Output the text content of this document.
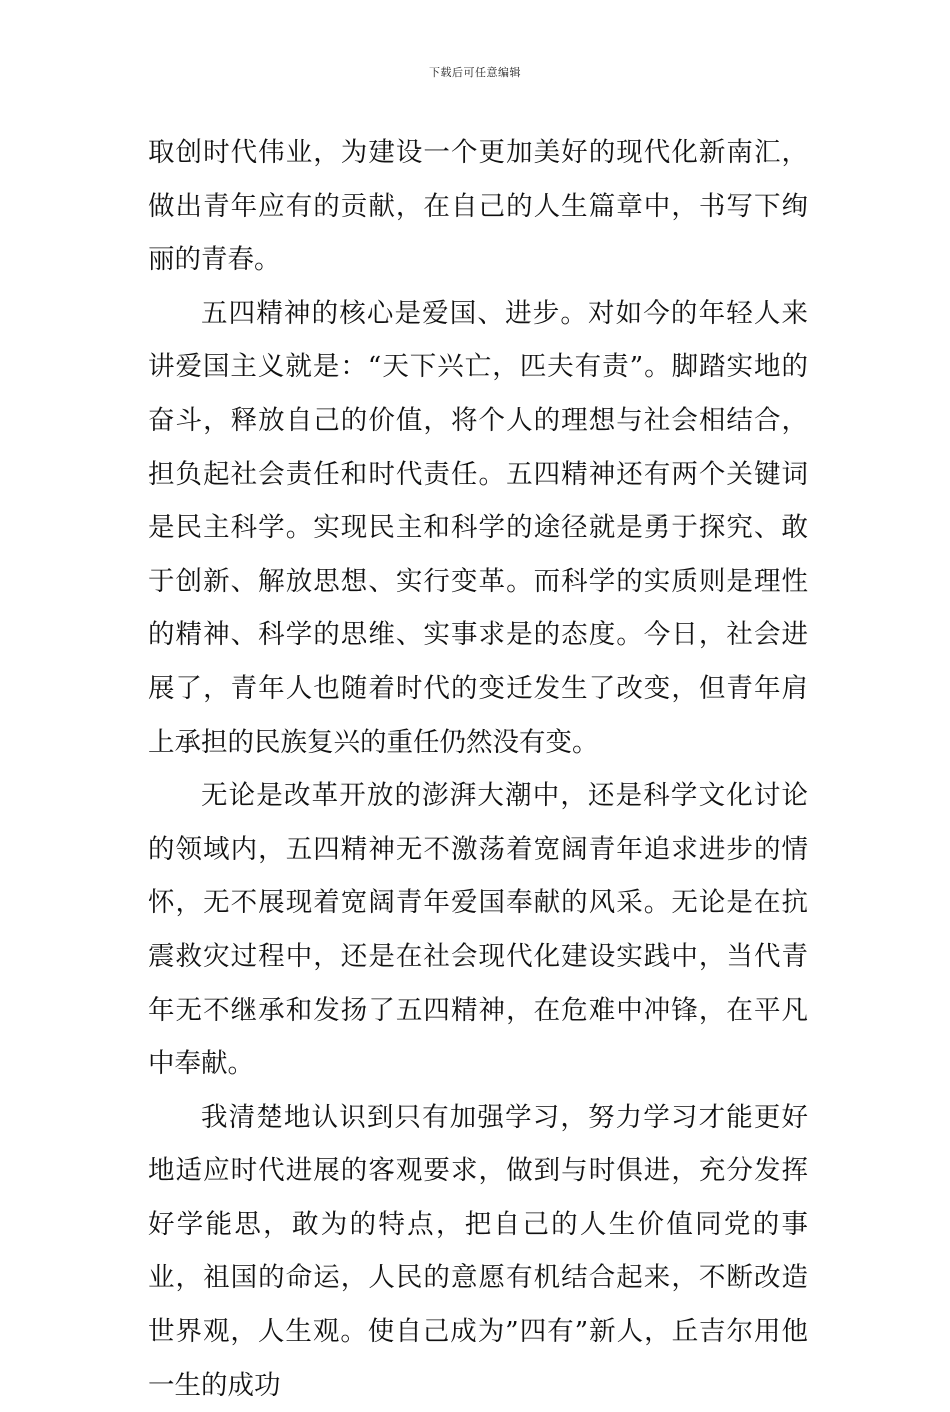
下载后可任意编辑

取创时代伟业，为建设一个更加美好的现代化新南汇，做出青年应有的贡献，在自己的人生篇章中，书写下绚丽的青春。

五四精神的核心是爱国、进步。对如今的年轻人来讲爱国主义就是：“天下兴亡，匹夫有责”。脚踏实地的奋斗，释放自己的价值，将个人的理想与社会相结合，担负起社会责任和时代责任。五四精神还有两个关键词是民主科学。实现民主和科学的途径就是勇于探究、敢于创新、解放思想、实行变革。而科学的实质则是理性的精神、科学的思维、实事求是的态度。今日，社会进展了，青年人也随着时代的变迁发生了改变，但青年肩上承担的民族复兴的重任仍然没有变。

无论是改革开放的澎湃大潮中，还是科学文化讨论的领域内，五四精神无不激荡着宽阔青年追求进步的情怀，无不展现着宽阔青年爱国奉献的风采。无论是在抗震救灾过程中，还是在社会现代化建设实践中，当代青年无不继承和发扬了五四精神，在危难中冲锋，在平凡中奉献。

我清楚地认识到只有加强学习，努力学习才能更好地适应时代进展的客观要求，做到与时俱进，充分发挥好学能思，敢为的特点，把自己的人生价值同党的事业，祖国的命运，人民的意愿有机结合起来，不断改造世界观，人生观。使自己成为”四有”新人，丘吉尔用他一生的成功
